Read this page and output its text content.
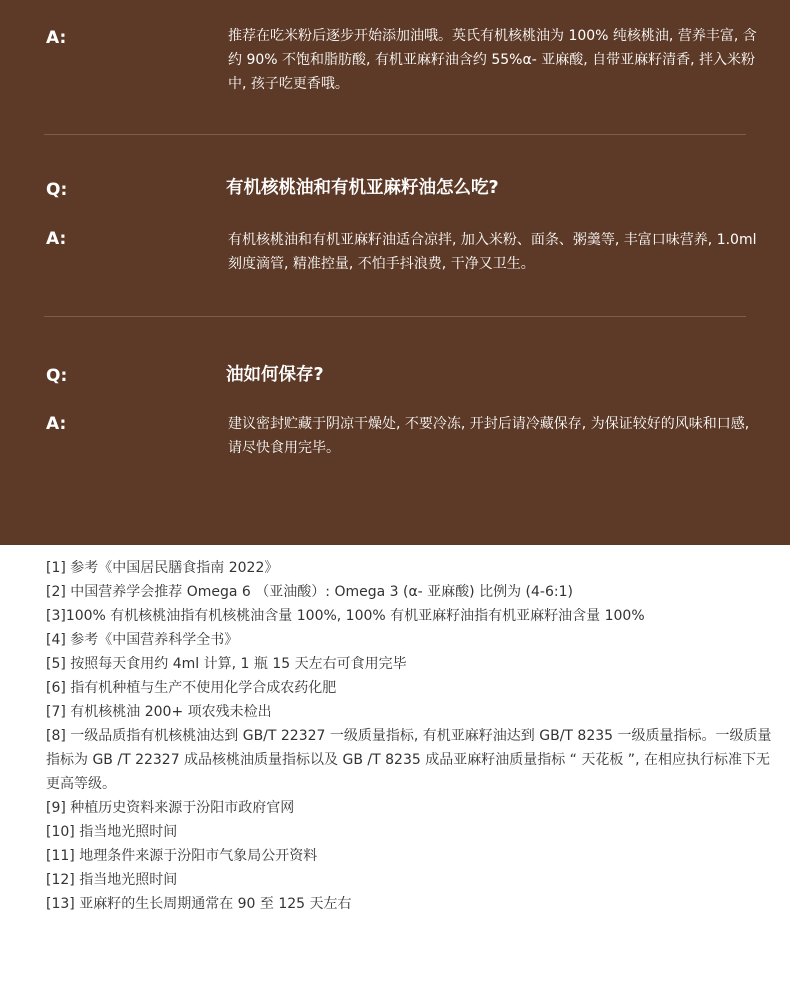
A:	推荐在吃米粉后逐步开始添加油哦。英氏有机核桃油为 100% 纯核桃油, 营养丰富, 含约 90% 不饱和脂肪酸, 有机亚麻籽油含约 55%α- 亚麻酸, 自带亚麻籽清香, 拌入米粉中, 孩子吃更香哦。

Q:	有机核桃油和有机亚麻籽油怎么吃?
A:	有机核桃油和有机亚麻籽油适合凉拌, 加入米粉、面条、粥羹等, 丰富口味营养, 1.0ml 刻度滴管, 精准控量, 不怕手抖浪费, 干净又卫生。

Q:	油如何保存?
A:	建议密封贮藏于阴凉干燥处, 不要冷冻, 开封后请冷藏保存, 为保证较好的风味和口感, 请尽快食用完毕。

[1] 参考《中国居民膳食指南 2022》
[2] 中国营养学会推荐 Omega 6 （亚油酸）: Omega 3 (α- 亚麻酸) 比例为 (4-6:1)
[3]100% 有机核桃油指有机核桃油含量 100%, 100% 有机亚麻籽油指有机亚麻籽油含量 100%
[4] 参考《中国营养科学全书》
[5] 按照每天食用约 4ml 计算, 1 瓶 15 天左右可食用完毕
[6] 指有机种植与生产不使用化学合成农药化肥
[7] 有机核桃油 200+ 项农残未检出
[8] 一级品质指有机核桃油达到 GB/T 22327 一级质量指标, 有机亚麻籽油达到 GB/T 8235 一级质量指标。一级质量指标为 GB /T 22327 成品核桃油质量指标以及 GB /T 8235 成品亚麻籽油质量指标 “ 天花板 ”, 在相应执行标准下无更高等级。
[9] 种植历史资料来源于汾阳市政府官网
[10] 指当地光照时间
[11] 地理条件来源于汾阳市气象局公开资料
[12] 指当地光照时间
[13] 亚麻籽的生长周期通常在 90 至 125 天左右
